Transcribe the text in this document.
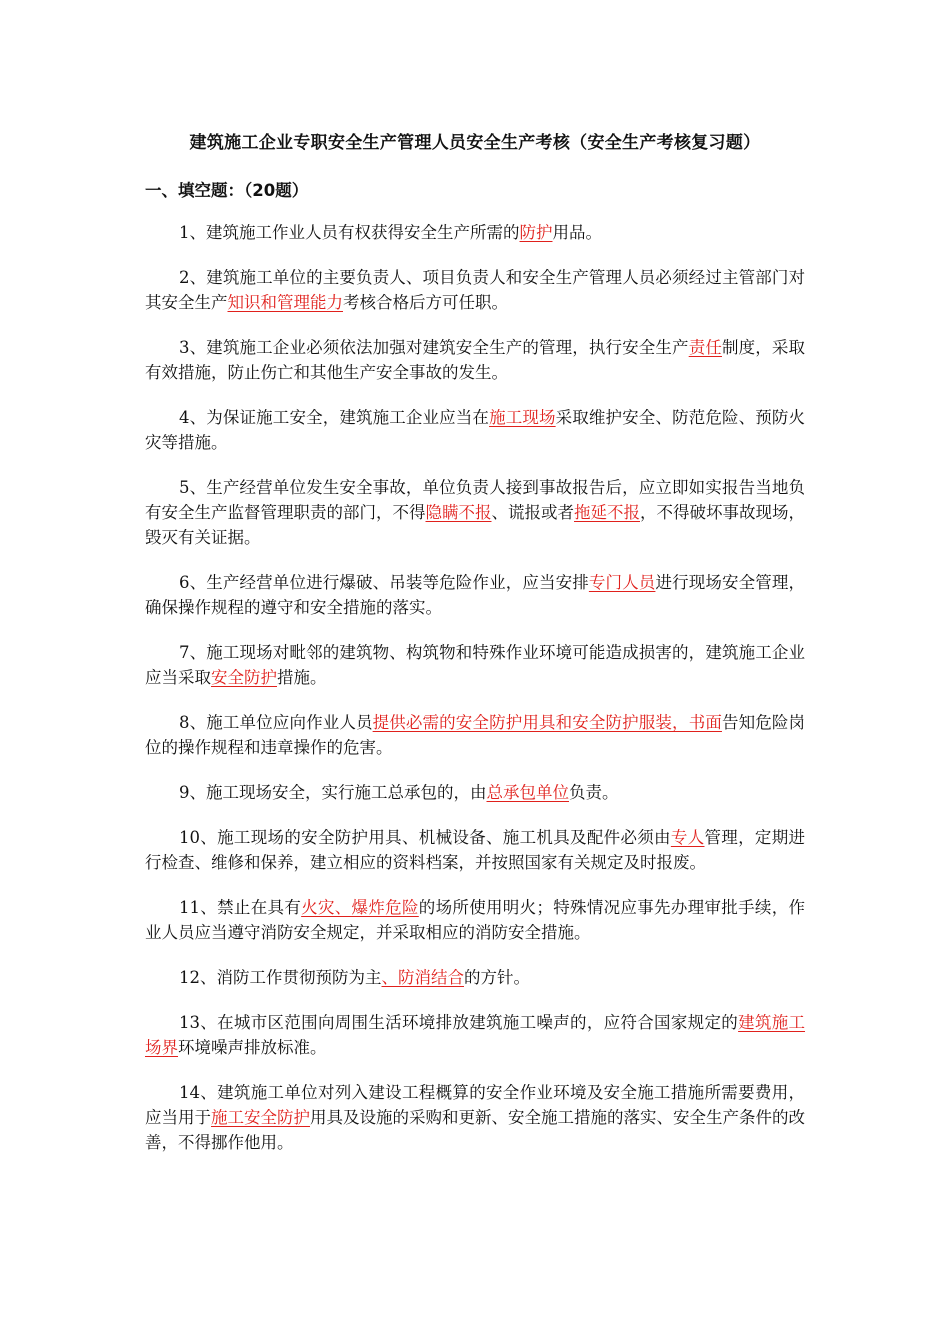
建筑施工企业专职安全生产管理人员安全生产考核（安全生产考核复习题）
一、填空题：（20题）

1、建筑施工作业人员有权获得安全生产所需的防护用品。

2、建筑施工单位的主要负责人、项目负责人和安全生产管理人员必须经过主管部门对其安全生产知识和管理能力考核合格后方可任职。

3、建筑施工企业必须依法加强对建筑安全生产的管理，执行安全生产责任制度，采取有效措施，防止伤亡和其他生产安全事故的发生。

4、为保证施工安全，建筑施工企业应当在施工现场采取维护安全、防范危险、预防火灾等措施。

5、生产经营单位发生安全事故，单位负责人接到事故报告后，应立即如实报告当地负有安全生产监督管理职责的部门，不得隐瞒不报、谎报或者拖延不报，不得破坏事故现场，毁灭有关证据。

6、生产经营单位进行爆破、吊装等危险作业，应当安排专门人员进行现场安全管理，确保操作规程的遵守和安全措施的落实。

7、施工现场对毗邻的建筑物、构筑物和特殊作业环境可能造成损害的，建筑施工企业应当采取安全防护措施。

8、施工单位应向作业人员提供必需的安全防护用具和安全防护服装，书面告知危险岗位的操作规程和违章操作的危害。

9、施工现场安全，实行施工总承包的，由总承包单位负责。

10、施工现场的安全防护用具、机械设备、施工机具及配件必须由专人管理，定期进行检查、维修和保养，建立相应的资料档案，并按照国家有关规定及时报废。

11、禁止在具有火灾、爆炸危险的场所使用明火；特殊情况应事先办理审批手续，作业人员应当遵守消防安全规定，并采取相应的消防安全措施。

12、消防工作贯彻预防为主、防消结合的方针。

13、在城市区范围向周围生活环境排放建筑施工噪声的，应符合国家规定的建筑施工场界环境噪声排放标准。

14、建筑施工单位对列入建设工程概算的安全作业环境及安全施工措施所需要费用，应当用于施工安全防护用具及设施的采购和更新、安全施工措施的落实、安全生产条件的改善，不得挪作他用。
